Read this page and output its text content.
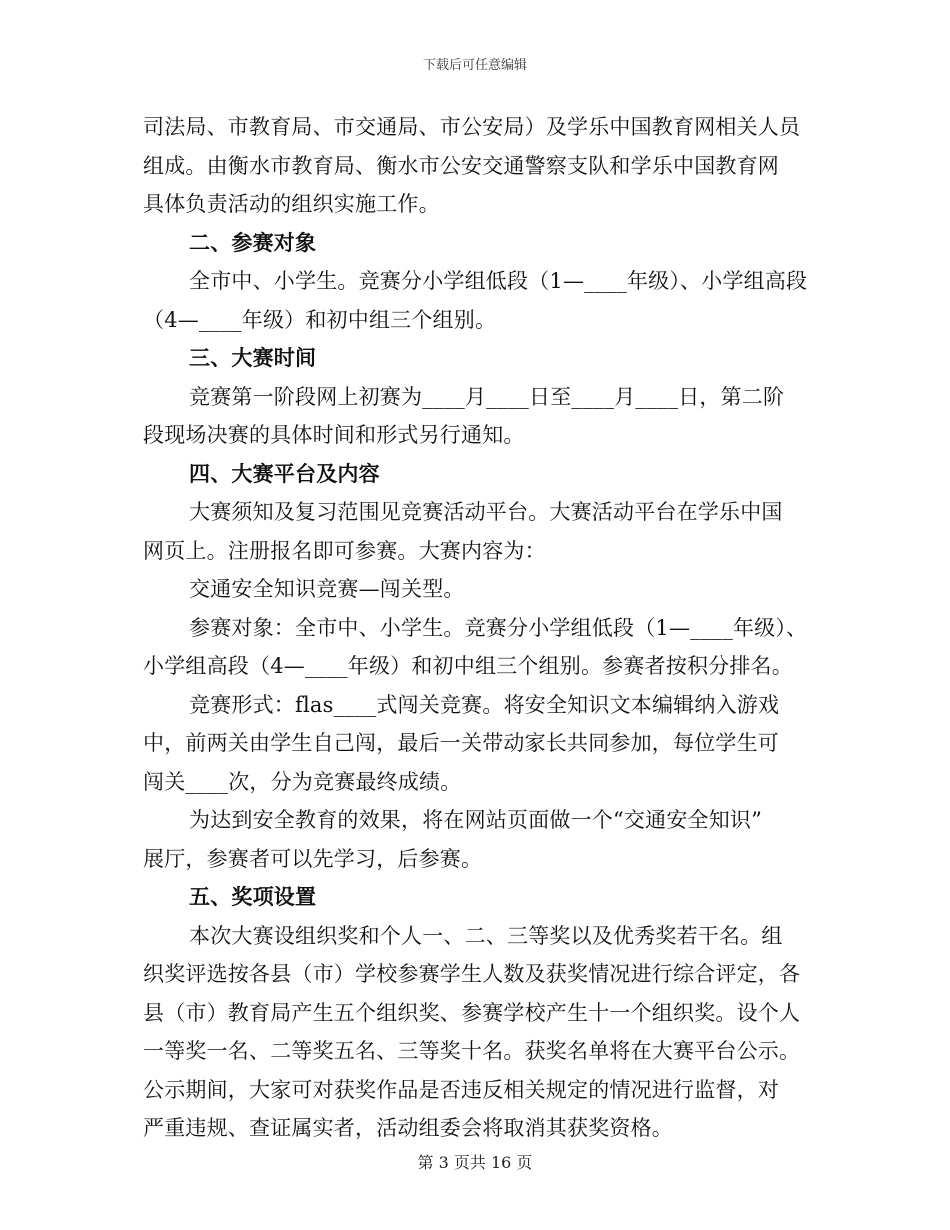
下载后可任意编辑
司法局、市教育局、市交通局、市公安局）及学乐中国教育网相关人员
组成。由衡水市教育局、衡水市公安交通警察支队和学乐中国教育网
具体负责活动的组织实施工作。
二、参赛对象
全市中、小学生。竞赛分小学组低段（1—____年级）、小学组高段
（4—____年级）和初中组三个组别。
三、大赛时间
竞赛第一阶段网上初赛为____月____日至____月____日，第二阶
段现场决赛的具体时间和形式另行通知。
四、大赛平台及内容
大赛须知及复习范围见竞赛活动平台。大赛活动平台在学乐中国
网页上。注册报名即可参赛。大赛内容为：
交通安全知识竞赛—闯关型。
参赛对象：全市中、小学生。竞赛分小学组低段（1—____年级）、
小学组高段（4—____年级）和初中组三个组别。参赛者按积分排名。
竞赛形式：flas____式闯关竞赛。将安全知识文本编辑纳入游戏
中，前两关由学生自己闯，最后一关带动家长共同参加，每位学生可
闯关____次，分为竞赛最终成绩。
为达到安全教育的效果，将在网站页面做一个“交通安全知识”
展厅，参赛者可以先学习，后参赛。
五、奖项设置
本次大赛设组织奖和个人一、二、三等奖以及优秀奖若干名。组
织奖评选按各县（市）学校参赛学生人数及获奖情况进行综合评定，各
县（市）教育局产生五个组织奖、参赛学校产生十一个组织奖。设个人
一等奖一名、二等奖五名、三等奖十名。获奖名单将在大赛平台公示。
公示期间，大家可对获奖作品是否违反相关规定的情况进行监督，对
严重违规、查证属实者，活动组委会将取消其获奖资格。
第 3 页共 16 页
